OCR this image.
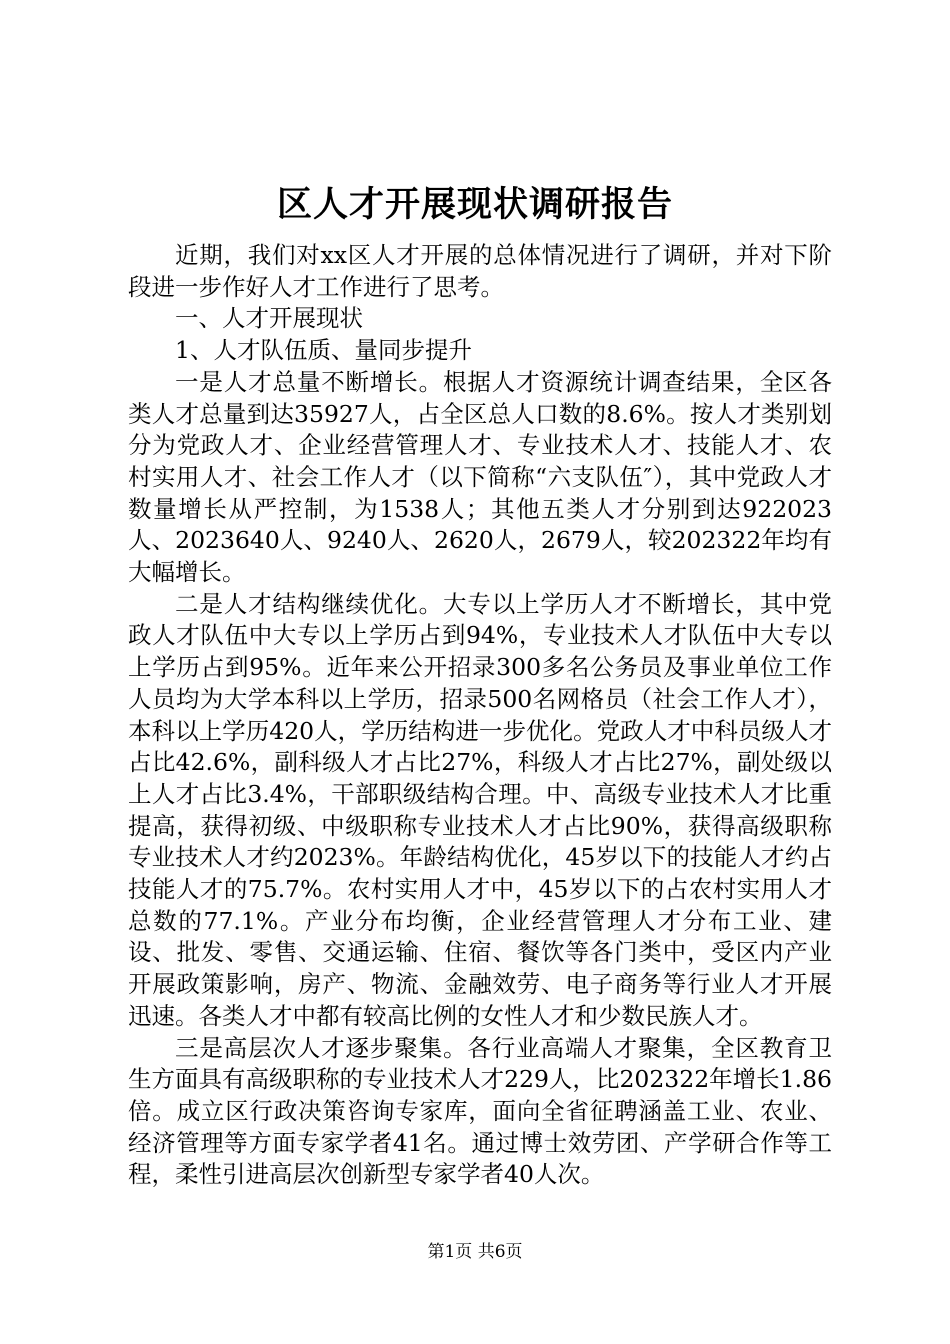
区人才开展现状调研报告

近期，我们对xx区人才开展的总体情况进行了调研，并对下阶段进一步作好人才工作进行了思考。

一、人才开展现状

1、人才队伍质、量同步提升

一是人才总量不断增长。根据人才资源统计调查结果，全区各类人才总量到达35927人，占全区总人口数的8.6%。按人才类别划分为党政人才、企业经营管理人才、专业技术人才、技能人才、农村实用人才、社会工作人才（以下简称“六支队伍″），其中党政人才数量增长从严控制，为1538人；其他五类人才分别到达922023人、2023640人、9240人、2620人，2679人，较202322年均有大幅增长。

二是人才结构继续优化。大专以上学历人才不断增长，其中党政人才队伍中大专以上学历占到94%，专业技术人才队伍中大专以上学历占到95%。近年来公开招录300多名公务员及事业单位工作人员均为大学本科以上学历，招录500名网格员（社会工作人才），本科以上学历420人，学历结构进一步优化。党政人才中科员级人才占比42.6%，副科级人才占比27%，科级人才占比27%，副处级以上人才占比3.4%，干部职级结构合理。中、高级专业技术人才比重提高，获得初级、中级职称专业技术人才占比90%，获得高级职称专业技术人才约2023%。年龄结构优化，45岁以下的技能人才约占技能人才的75.7%。农村实用人才中，45岁以下的占农村实用人才总数的77.1%。产业分布均衡，企业经营管理人才分布工业、建设、批发、零售、交通运输、住宿、餐饮等各门类中，受区内产业开展政策影响，房产、物流、金融效劳、电子商务等行业人才开展迅速。各类人才中都有较高比例的女性人才和少数民族人才。

三是高层次人才逐步聚集。各行业高端人才聚集，全区教育卫生方面具有高级职称的专业技术人才229人，比202322年增长1.86倍。成立区行政决策咨询专家库，面向全省征聘涵盖工业、农业、经济管理等方面专家学者41名。通过博士效劳团、产学研合作等工程，柔性引进高层次创新型专家学者40人次。

第1页 共6页
